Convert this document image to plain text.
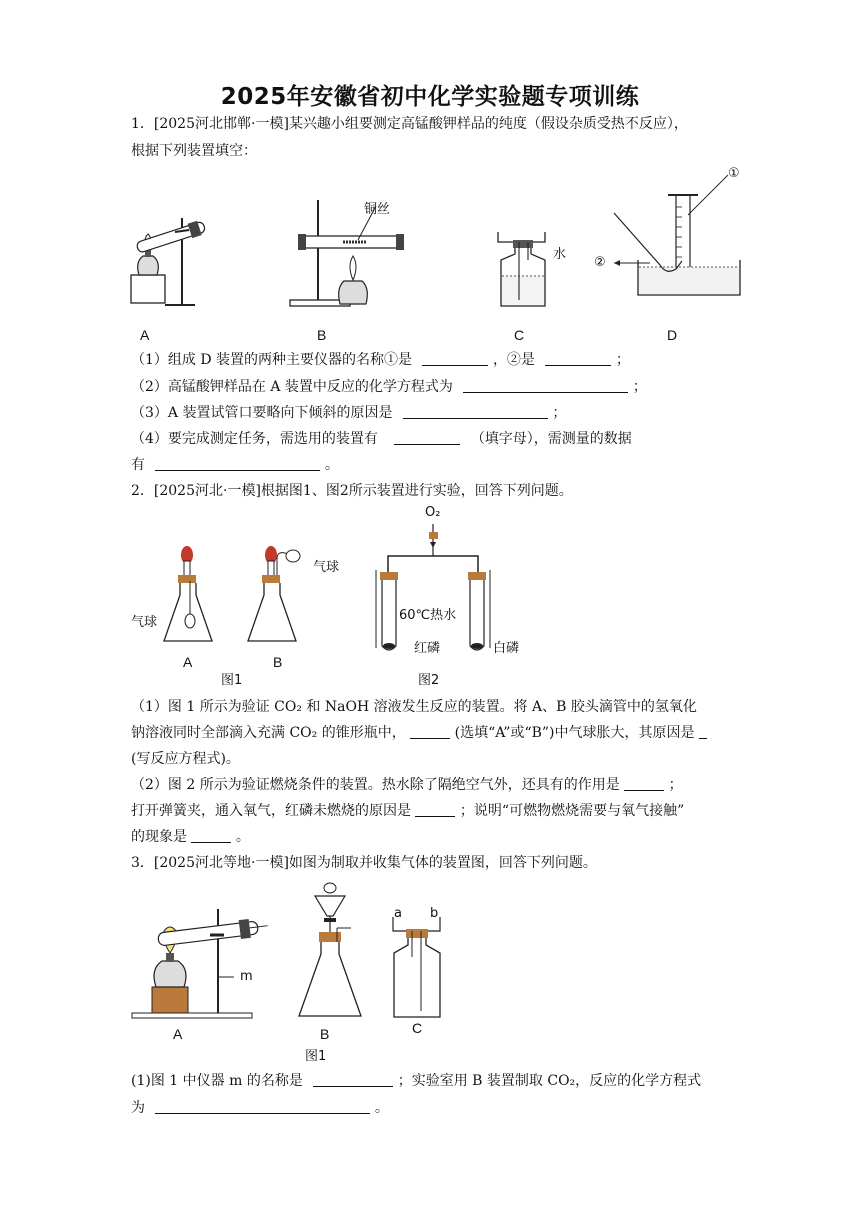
2025年安徽省初中化学实验题专项训练
1．[2025河北邯郸·一模]某兴趣小组要测定高锰酸钾样品的纯度（假设杂质受热不反应），
根据下列装置填空：
A
铜丝
B
水
C
①
②
D
（1）组成 D 装置的两种主要仪器的名称①是	，②是	；
（2）高锰酸钾样品在 A 装置中反应的化学方程式为	；
（3）A 装置试管口要略向下倾斜的原因是	；
（4）要完成测定任务，需选用的装置有	（填字母），需测量的数据
有	。
2．[2025河北·一模]根据图1、图2所示装置进行实验，回答下列问题。
气球
A
气球
B
图1
O₂
60℃热水
红磷	白磷
图2
（1）图 1 所示为验证 CO₂ 和 NaOH 溶液发生反应的装置。将 A、B 胶头滴管中的氢氧化
钠溶液同时全部滴入充满 CO₂ 的锥形瓶中，	(选填“A”或“B”)中气球胀大，其原因是
(写反应方程式)。
（2）图 2 所示为验证燃烧条件的装置。热水除了隔绝空气外，还具有的作用是	；
打开弹簧夹，通入氧气，红磷未燃烧的原因是	；说明“可燃物燃烧需要与氧气接触”
的现象是	。
3．[2025河北等地·一模]如图为制取并收集气体的装置图，回答下列问题。
m
A	B
a b
C
图1
(1)图 1 中仪器 m 的名称是	；实验室用 B 装置制取 CO₂，反应的化学方程式
为	。
